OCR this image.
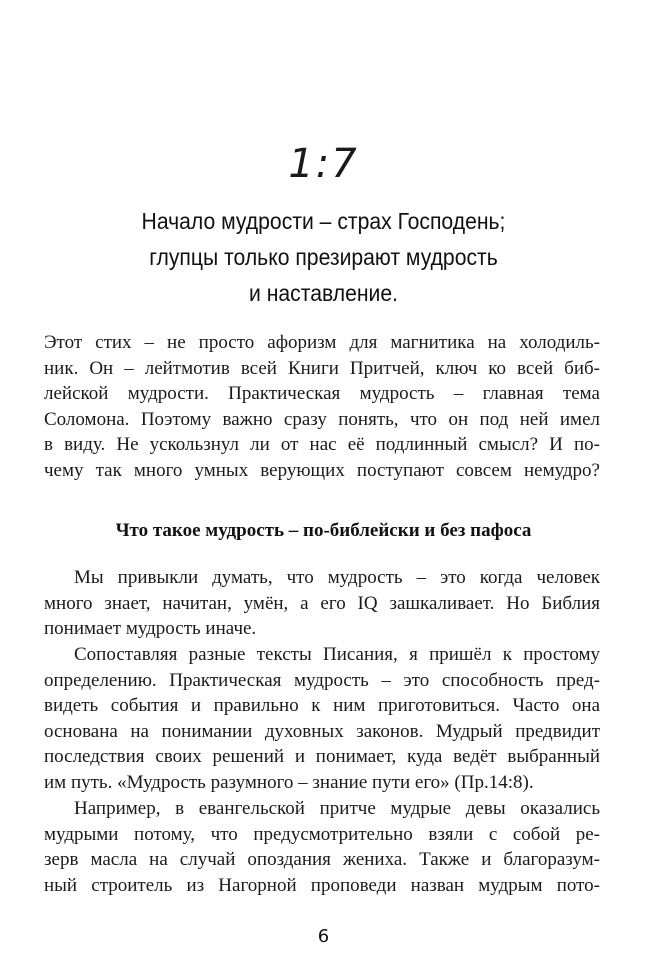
1:7
Начало мудрости – страх Господень;
глупцы только презирают мудрость
и наставление.
Этот стих – не просто афоризм для магнитика на холодиль-
ник. Он – лейтмотив всей Книги Притчей, ключ ко всей биб-
лейской мудрости. Практическая мудрость – главная тема
Соломона. Поэтому важно сразу понять, что он под ней имел
в виду. Не ускользнул ли от нас её подлинный смысл? И по-
чему так много умных верующих поступают совсем немудро?
Что такое мудрость – по-библейски и без пафоса
Мы привыкли думать, что мудрость – это когда человек
много знает, начитан, умён, а его IQ зашкаливает. Но Библия
понимает мудрость иначе.
Сопоставляя разные тексты Писания, я пришёл к простому
определению. Практическая мудрость – это способность пред-
видеть события и правильно к ним приготовиться. Часто она
основана на понимании духовных законов. Мудрый предвидит
последствия своих решений и понимает, куда ведёт выбранный
им путь. «Мудрость разумного – знание пути его» (Пр.14:8).
Например, в евангельской притче мудрые девы оказались
мудрыми потому, что предусмотрительно взяли с собой ре-
зерв масла на случай опоздания жениха. Также и благоразум-
ный строитель из Нагорной проповеди назван мудрым пото-
6
